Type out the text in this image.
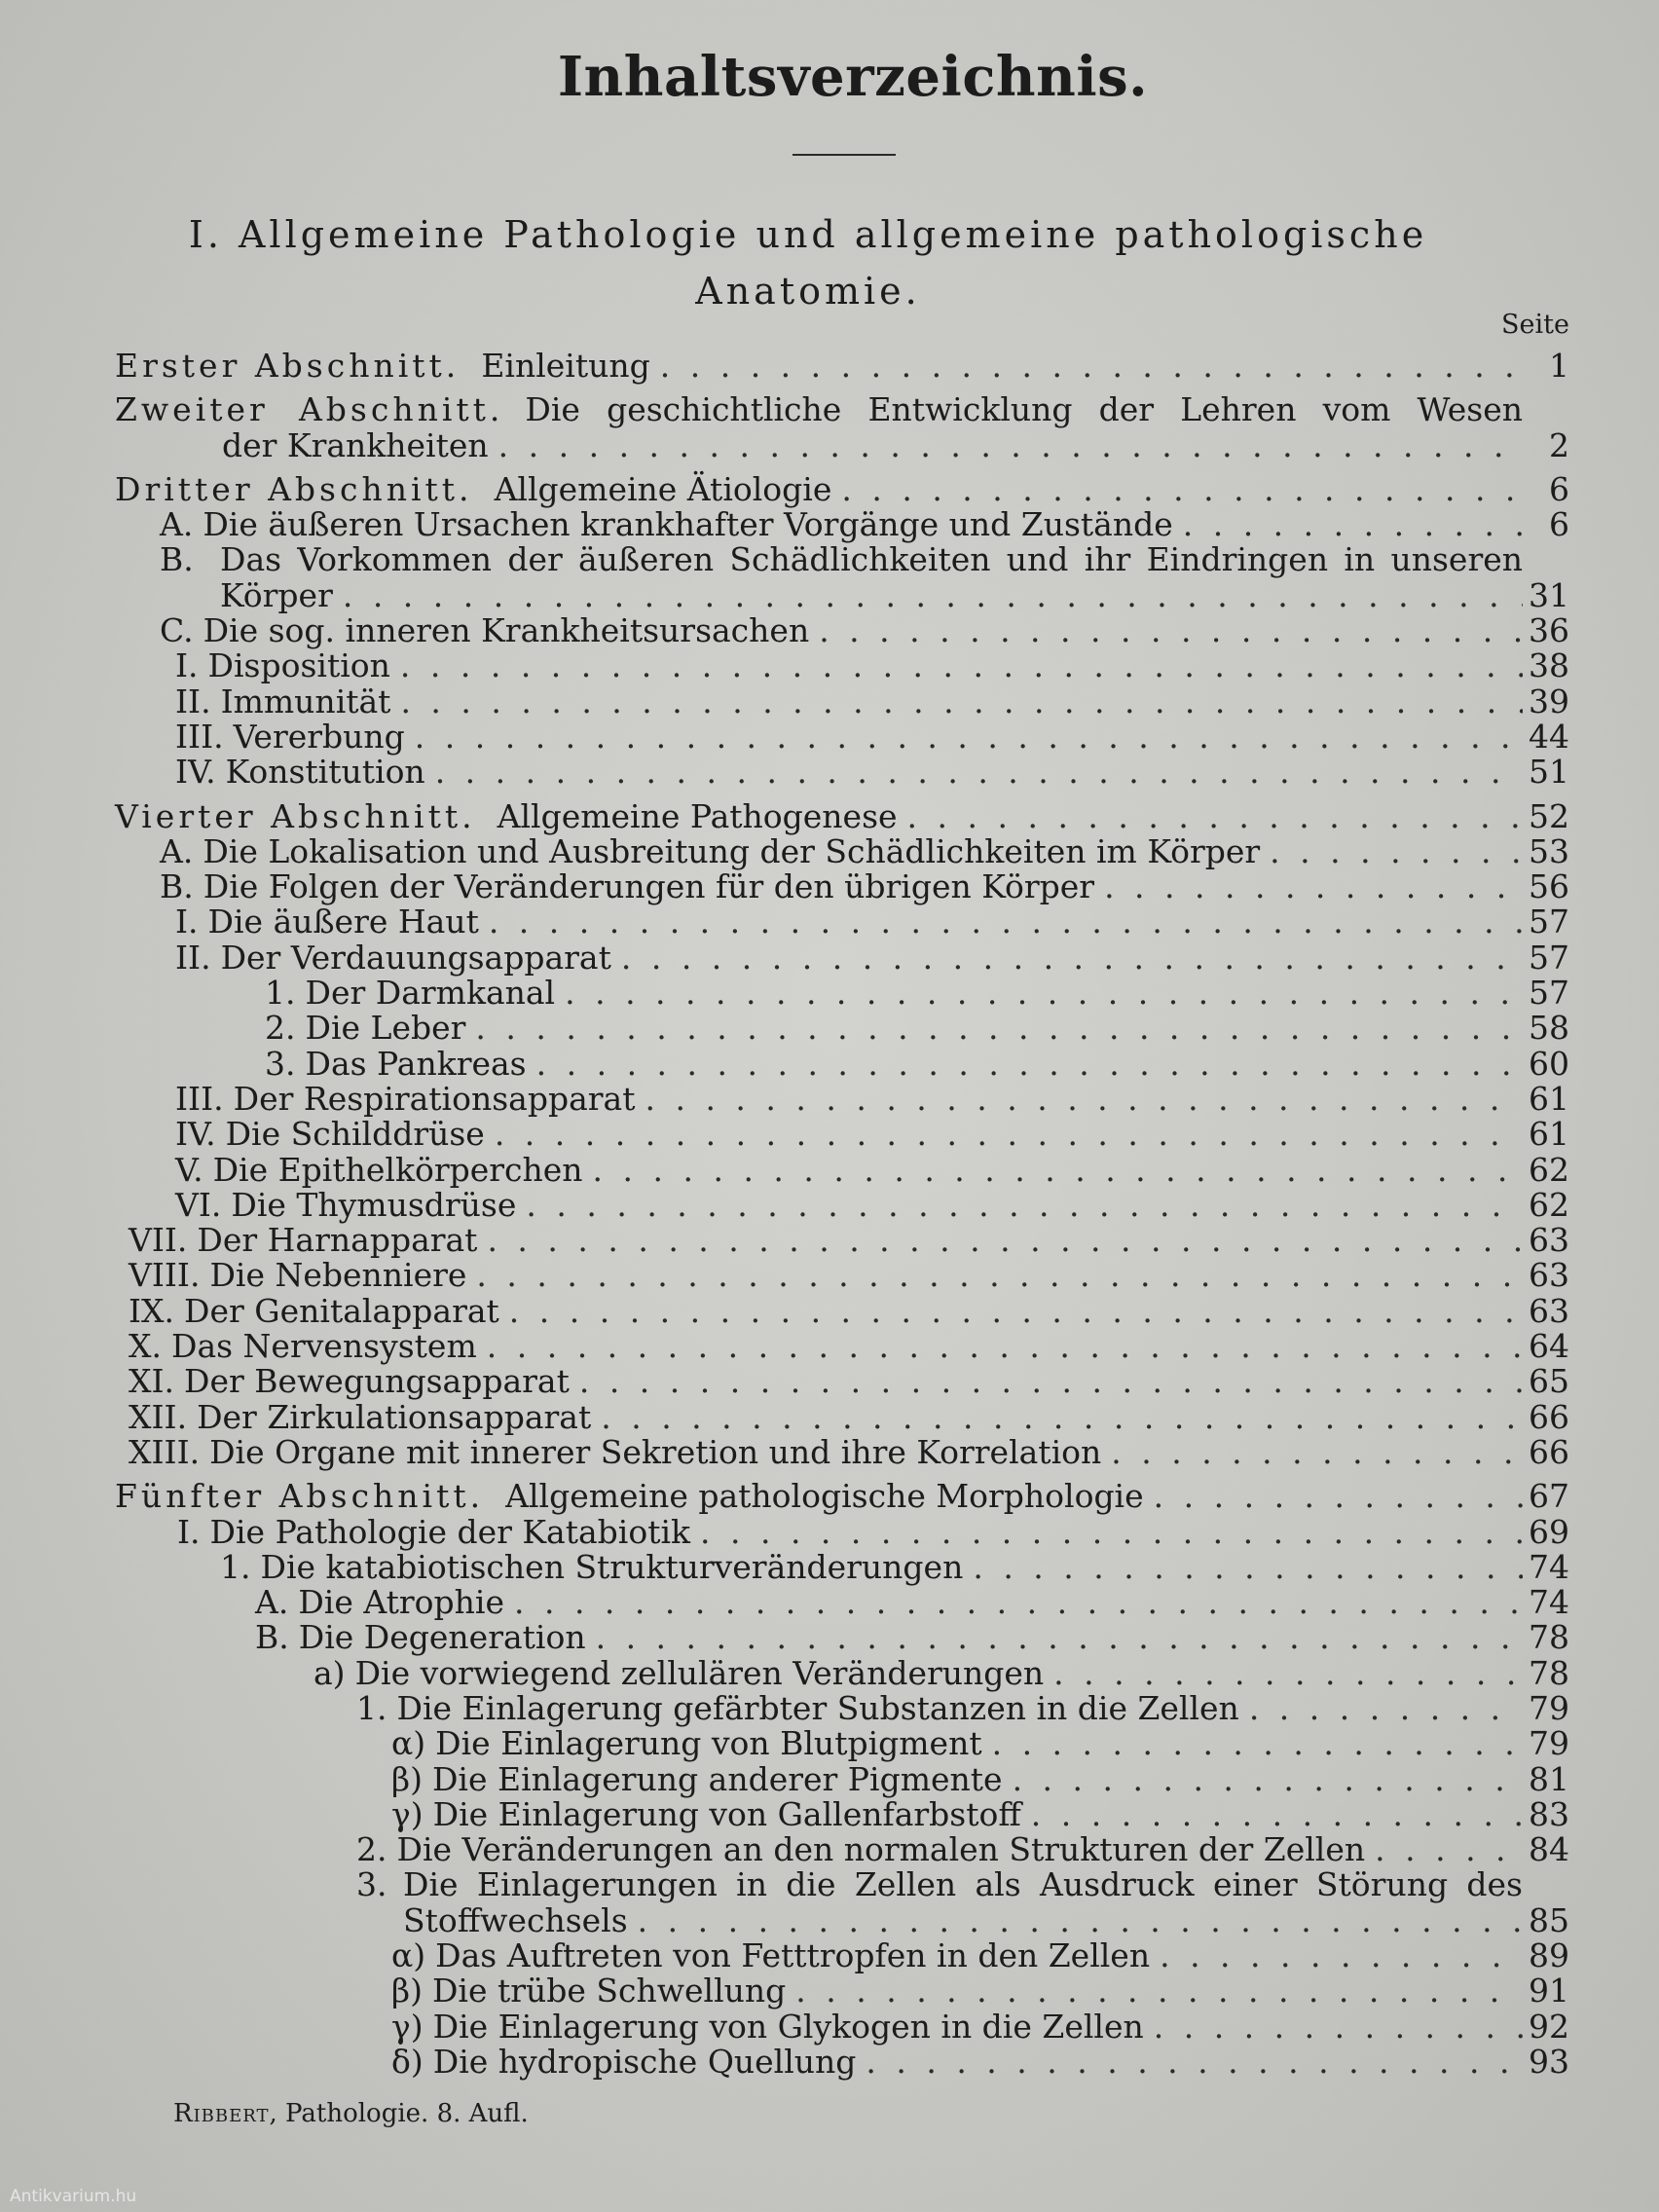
Inhaltsverzeichnis.
I. Allgemeine Pathologie und allgemeine pathologische
Anatomie.
Seite
Erster Abschnitt. Einleitung . . .	1
Zweiter Abschnitt. Die geschichtliche Entwicklung der Lehren vom Wesen
der Krankheiten . . .	2
Dritter Abschnitt. Allgemeine Ätiologie . . .	6
A. Die äußeren Ursachen krankhafter Vorgänge und Zustände . . .	6
B. Das Vorkommen der äußeren Schädlichkeiten und ihr Eindringen in unseren
Körper . . .	31
C. Die sog. inneren Krankheitsursachen . . .	36
I. Disposition . . .	38
II. Immunität . . .	39
III. Vererbung . . .	44
IV. Konstitution . . .	51
Vierter Abschnitt. Allgemeine Pathogenese . . .	52
A. Die Lokalisation und Ausbreitung der Schädlichkeiten im Körper . . .	53
B. Die Folgen der Veränderungen für den übrigen Körper . . .	56
I. Die äußere Haut . . .	57
II. Der Verdauungsapparat . . .	57
1. Der Darmkanal . . .	57
2. Die Leber . . .	58
3. Das Pankreas . . .	60
III. Der Respirationsapparat . . .	61
IV. Die Schilddrüse . . .	61
V. Die Epithelkörperchen . . .	62
VI. Die Thymusdrüse . . .	62
VII. Der Harnapparat . . .	63
VIII. Die Nebenniere . . .	63
IX. Der Genitalapparat . . .	63
X. Das Nervensystem . . .	64
XI. Der Bewegungsapparat . . .	65
XII. Der Zirkulationsapparat . . .	66
XIII. Die Organe mit innerer Sekretion und ihre Korrelation . . .	66
Fünfter Abschnitt. Allgemeine pathologische Morphologie . . .	67
I. Die Pathologie der Katabiotik . . .	69
1. Die katabiotischen Strukturveränderungen . . .	74
A. Die Atrophie . . .	74
B. Die Degeneration . . .	78
a) Die vorwiegend zellulären Veränderungen . . .	78
1. Die Einlagerung gefärbter Substanzen in die Zellen . . .	79
α) Die Einlagerung von Blutpigment . . .	79
β) Die Einlagerung anderer Pigmente . . .	81
γ) Die Einlagerung von Gallenfarbstoff . . .	83
2. Die Veränderungen an den normalen Strukturen der Zellen . . .	84
3. Die Einlagerungen in die Zellen als Ausdruck einer Störung des
Stoffwechsels . . .	85
α) Das Auftreten von Fetttropfen in den Zellen . . .	89
β) Die trübe Schwellung . . .	91
γ) Die Einlagerung von Glykogen in die Zellen . . .	92
δ) Die hydropische Quellung . . .	93
Ribbert, Pathologie. 8. Aufl.
Antikvarium.hu
